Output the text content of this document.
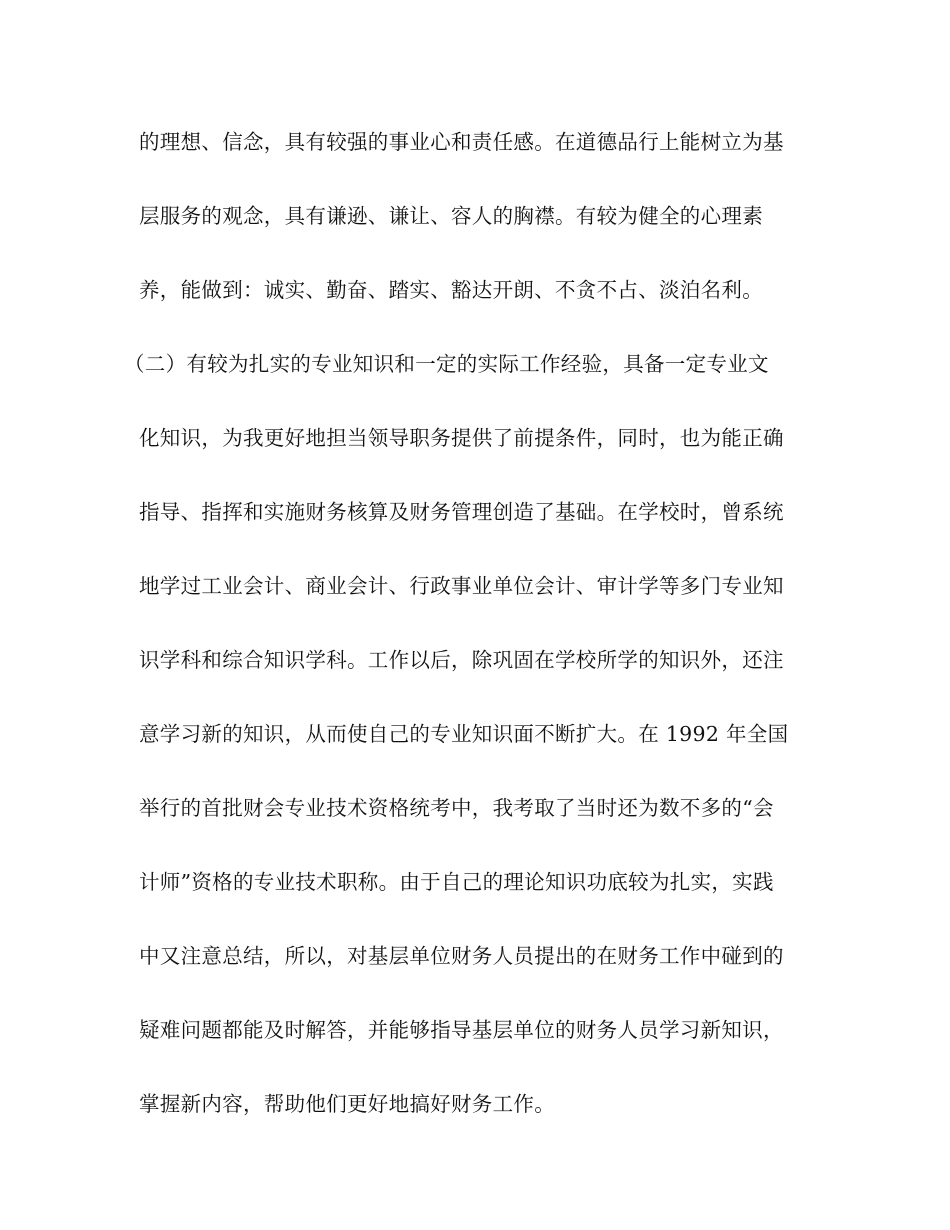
的理想、信念，具有较强的事业心和责任感。在道德品行上能树立为基
层服务的观念，具有谦逊、谦让、容人的胸襟。有较为健全的心理素
养，能做到：诚实、勤奋、踏实、豁达开朗、不贪不占、淡泊名利。
（二）有较为扎实的专业知识和一定的实际工作经验，具备一定专业文
化知识，为我更好地担当领导职务提供了前提条件，同时，也为能正确
指导、指挥和实施财务核算及财务管理创造了基础。在学校时，曾系统
地学过工业会计、商业会计、行政事业单位会计、审计学等多门专业知
识学科和综合知识学科。工作以后，除巩固在学校所学的知识外，还注
意学习新的知识，从而使自己的专业知识面不断扩大。在 1992 年全国
举行的首批财会专业技术资格统考中，我考取了当时还为数不多的“会
计师”资格的专业技术职称。由于自己的理论知识功底较为扎实，实践
中又注意总结，所以，对基层单位财务人员提出的在财务工作中碰到的
疑难问题都能及时解答，并能够指导基层单位的财务人员学习新知识，
掌握新内容，帮助他们更好地搞好财务工作。
